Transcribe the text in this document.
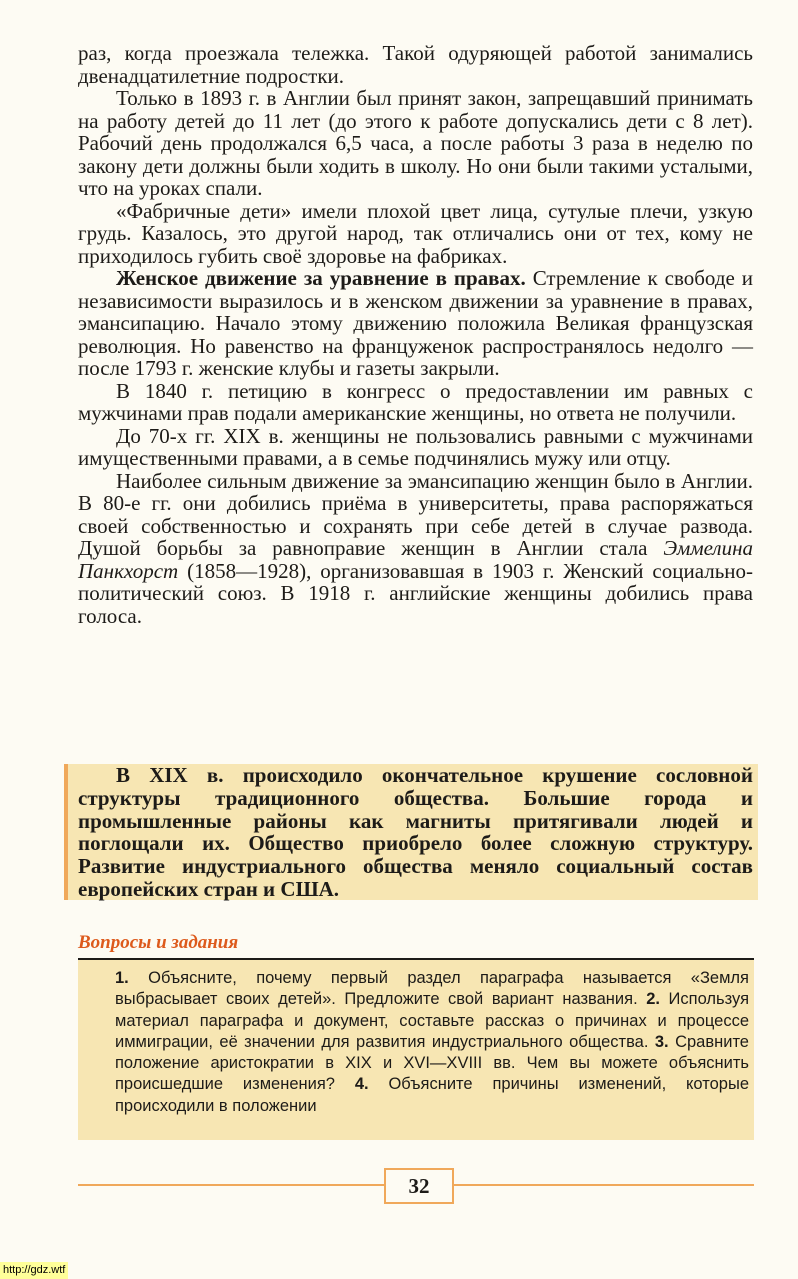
раз, когда проезжала тележка. Такой одуряющей работой занимались двенадцатилетние подростки.

Только в 1893 г. в Англии был принят закон, запрещавший принимать на работу детей до 11 лет (до этого к работе допускались дети с 8 лет). Рабочий день продолжался 6,5 часа, а после работы 3 раза в неделю по закону дети должны были ходить в школу. Но они были такими усталыми, что на уроках спали.

«Фабричные дети» имели плохой цвет лица, сутулые плечи, узкую грудь. Казалось, это другой народ, так отличались они от тех, кому не приходилось губить своё здоровье на фабриках.

Женское движение за уравнение в правах. Стремление к свободе и независимости выразилось и в женском движении за уравнение в правах, эмансипацию. Начало этому движению положила Великая французская революция. Но равенство на француженок распространялось недолго — после 1793 г. женские клубы и газеты закрыли.

В 1840 г. петицию в конгресс о предоставлении им равных с мужчинами прав подали американские женщины, но ответа не получили.

До 70-х гг. XIX в. женщины не пользовались равными с мужчинами имущественными правами, а в семье подчинялись мужу или отцу.

Наиболее сильным движение за эмансипацию женщин было в Англии. В 80-е гг. они добились приёма в университеты, права распоряжаться своей собственностью и сохранять при себе детей в случае развода. Душой борьбы за равноправие женщин в Англии стала Эммелина Панкхорст (1858—1928), организовавшая в 1903 г. Женский социально-политический союз. В 1918 г. английские женщины добились права голоса.

В XIX в. происходило окончательное крушение сословной структуры традиционного общества. Большие города и промышленные районы как магниты притягивали людей и поглощали их. Общество приобрело более сложную структуру. Развитие индустриального общества меняло социальный состав европейских стран и США.

Вопросы и задания
1. Объясните, почему первый раздел параграфа называется «Земля выбрасывает своих детей». Предложите свой вариант названия. 2. Используя материал параграфа и документ, составьте рассказ о причинах и процессе иммиграции, её значении для развития индустриального общества. 3. Сравните положение аристократии в XIX и XVI—XVIII вв. Чем вы можете объяснить происшедшие изменения? 4. Объясните причины изменений, которые происходили в положении
32
http://gdz.wtf
